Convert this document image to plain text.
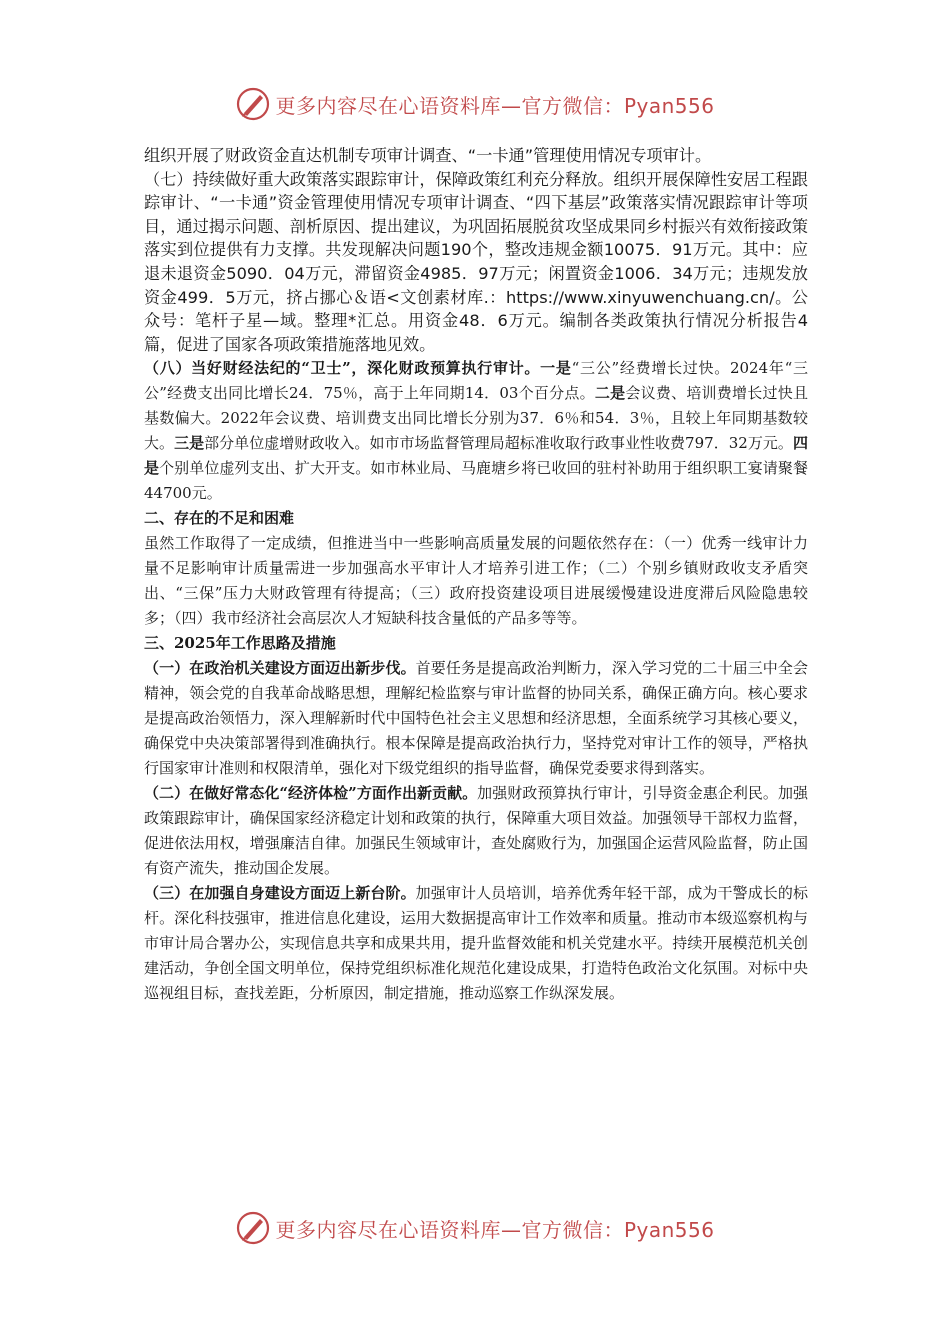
更多内容尽在心语资料库—官方微信：Pyan556

组织开展了财政资金直达机制专项审计调查、“一卡通”管理使用情况专项审计。

（七）持续做好重大政策落实跟踪审计，保障政策红利充分释放。组织开展保障性安居工程跟踪审计、“一卡通”资金管理使用情况专项审计调查、“四下基层”政策落实情况跟踪审计等项目，通过揭示问题、剖析原因、提出建议，为巩固拓展脱贫攻坚成果同乡村振兴有效衔接政策落实到位提供有力支撑。共发现解决问题190个，整改违规金额10075．91万元。其中：应退未退资金5090．04万元，滞留资金4985．97万元；闲置资金1006．34万元；违规发放资金499．5万元，挤占挪心＆语<文创素材库.：https://www.xinyuwenchuang.cn/。公众号：笔杆子星—域。整理*汇总。用资金48．6万元。编制各类政策执行情况分析报告4篇，促进了国家各项政策措施落地见效。

（八）当好财经法纪的“卫士”，深化财政预算执行审计。一是“三公”经费增长过快。2024年“三公”经费支出同比增长24．75％，高于上年同期14．03个百分点。二是会议费、培训费增长过快且基数偏大。2022年会议费、培训费支出同比增长分别为37．6％和54．3％，且较上年同期基数较大。三是部分单位虚增财政收入。如市市场监督管理局超标准收取行政事业性收费797．32万元。四是个别单位虚列支出、扩大开支。如市林业局、马鹿塘乡将已收回的驻村补助用于组织职工宴请聚餐44700元。

二、存在的不足和困难

虽然工作取得了一定成绩，但推进当中一些影响高质量发展的问题依然存在：（一）优秀一线审计力量不足影响审计质量需进一步加强高水平审计人才培养引进工作；（二）个别乡镇财政收支矛盾突出、“三保”压力大财政管理有待提高；（三）政府投资建设项目进展缓慢建设进度滞后风险隐患较多；（四）我市经济社会高层次人才短缺科技含量低的产品多等等。

三、2025年工作思路及措施

（一）在政治机关建设方面迈出新步伐。首要任务是提高政治判断力，深入学习党的二十届三中全会精神，领会党的自我革命战略思想，理解纪检监察与审计监督的协同关系，确保正确方向。核心要求是提高政治领悟力，深入理解新时代中国特色社会主义思想和经济思想，全面系统学习其核心要义，确保党中央决策部署得到准确执行。根本保障是提高政治执行力，坚持党对审计工作的领导，严格执行国家审计准则和权限清单，强化对下级党组织的指导监督，确保党委要求得到落实。

（二）在做好常态化“经济体检”方面作出新贡献。加强财政预算执行审计，引导资金惠企利民。加强政策跟踪审计，确保国家经济稳定计划和政策的执行，保障重大项目效益。加强领导干部权力监督，促进依法用权，增强廉洁自律。加强民生领域审计，查处腐败行为，加强国企运营风险监督，防止国有资产流失，推动国企发展。

（三）在加强自身建设方面迈上新台阶。加强审计人员培训，培养优秀年轻干部，成为干警成长的标杆。深化科技强审，推进信息化建设，运用大数据提高审计工作效率和质量。推动市本级巡察机构与市审计局合署办公，实现信息共享和成果共用，提升监督效能和机关党建水平。持续开展模范机关创建活动，争创全国文明单位，保持党组织标准化规范化建设成果，打造特色政治文化氛围。对标中央巡视组目标，查找差距，分析原因，制定措施，推动巡察工作纵深发展。

更多内容尽在心语资料库—官方微信：Pyan556
